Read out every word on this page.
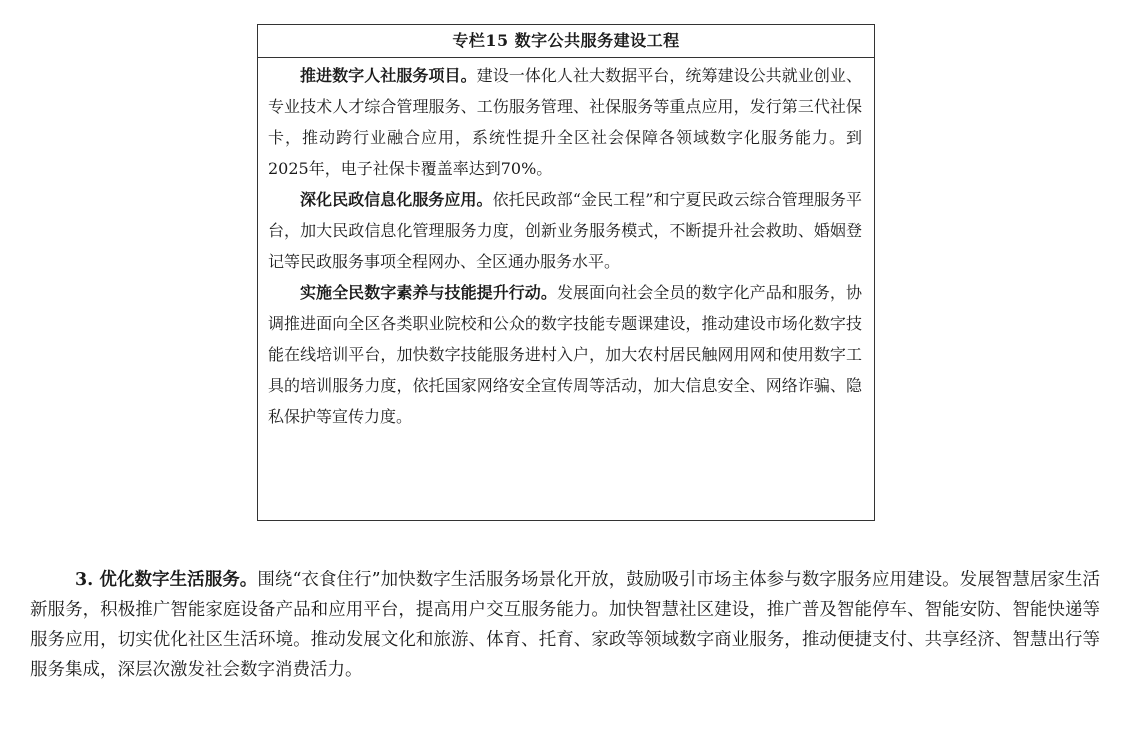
专栏15 数字公共服务建设工程

推进数字人社服务项目。建设一体化人社大数据平台，统筹建设公共就业创业、专业技术人才综合管理服务、工伤服务管理、社保服务等重点应用，发行第三代社保卡，推动跨行业融合应用，系统性提升全区社会保障各领域数字化服务能力。到2025年，电子社保卡覆盖率达到70%。

深化民政信息化服务应用。依托民政部“金民工程”和宁夏民政云综合管理服务平台，加大民政信息化管理服务力度，创新业务服务模式，不断提升社会救助、婚姻登记等民政服务事项全程网办、全区通办服务水平。

实施全民数字素养与技能提升行动。发展面向社会全员的数字化产品和服务，协调推进面向全区各类职业院校和公众的数字技能专题课建设，推动建设市场化数字技能在线培训平台，加快数字技能服务进村入户，加大农村居民触网用网和使用数字工具的培训服务力度，依托国家网络安全宣传周等活动，加大信息安全、网络诈骗、隐私保护等宣传力度。

3. 优化数字生活服务。围绕“衣食住行”加快数字生活服务场景化开放，鼓励吸引市场主体参与数字服务应用建设。发展智慧居家生活新服务，积极推广智能家庭设备产品和应用平台，提高用户交互服务能力。加快智慧社区建设，推广普及智能停车、智能安防、智能快递等服务应用，切实优化社区生活环境。推动发展文化和旅游、体育、托育、家政等领域数字商业服务，推动便捷支付、共享经济、智慧出行等服务集成，深层次激发社会数字消费活力。
